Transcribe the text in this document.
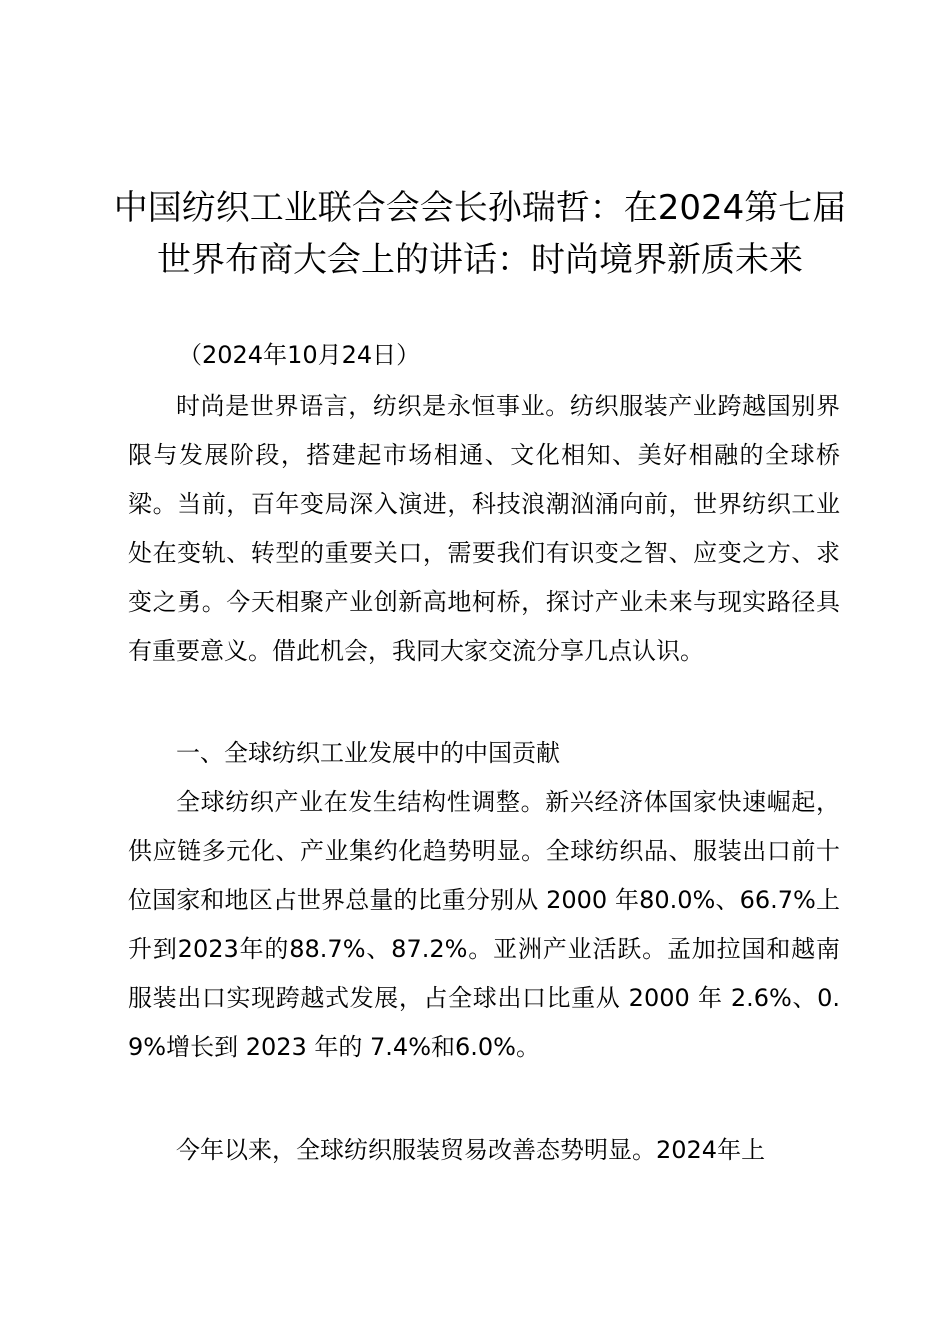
中国纺织工业联合会会长孙瑞哲：在2024第七届世界布商大会上的讲话：时尚境界新质未来

（2024年10月24日）

时尚是世界语言，纺织是永恒事业。纺织服装产业跨越国别界限与发展阶段，搭建起市场相通、文化相知、美好相融的全球桥梁。当前，百年变局深入演进，科技浪潮汹涌向前，世界纺织工业处在变轨、转型的重要关口，需要我们有识变之智、应变之方、求变之勇。今天相聚产业创新高地柯桥，探讨产业未来与现实路径具有重要意义。借此机会，我同大家交流分享几点认识。

一、全球纺织工业发展中的中国贡献

全球纺织产业在发生结构性调整。新兴经济体国家快速崛起，供应链多元化、产业集约化趋势明显。全球纺织品、服装出口前十位国家和地区占世界总量的比重分别从 2000 年80.0%、66.7%上升到2023年的88.7%、87.2%。亚洲产业活跃。孟加拉国和越南服装出口实现跨越式发展，占全球出口比重从 2000 年 2.6%、0.9%增长到 2023 年的 7.4%和6.0%。

今年以来，全球纺织服装贸易改善态势明显。2024年上
